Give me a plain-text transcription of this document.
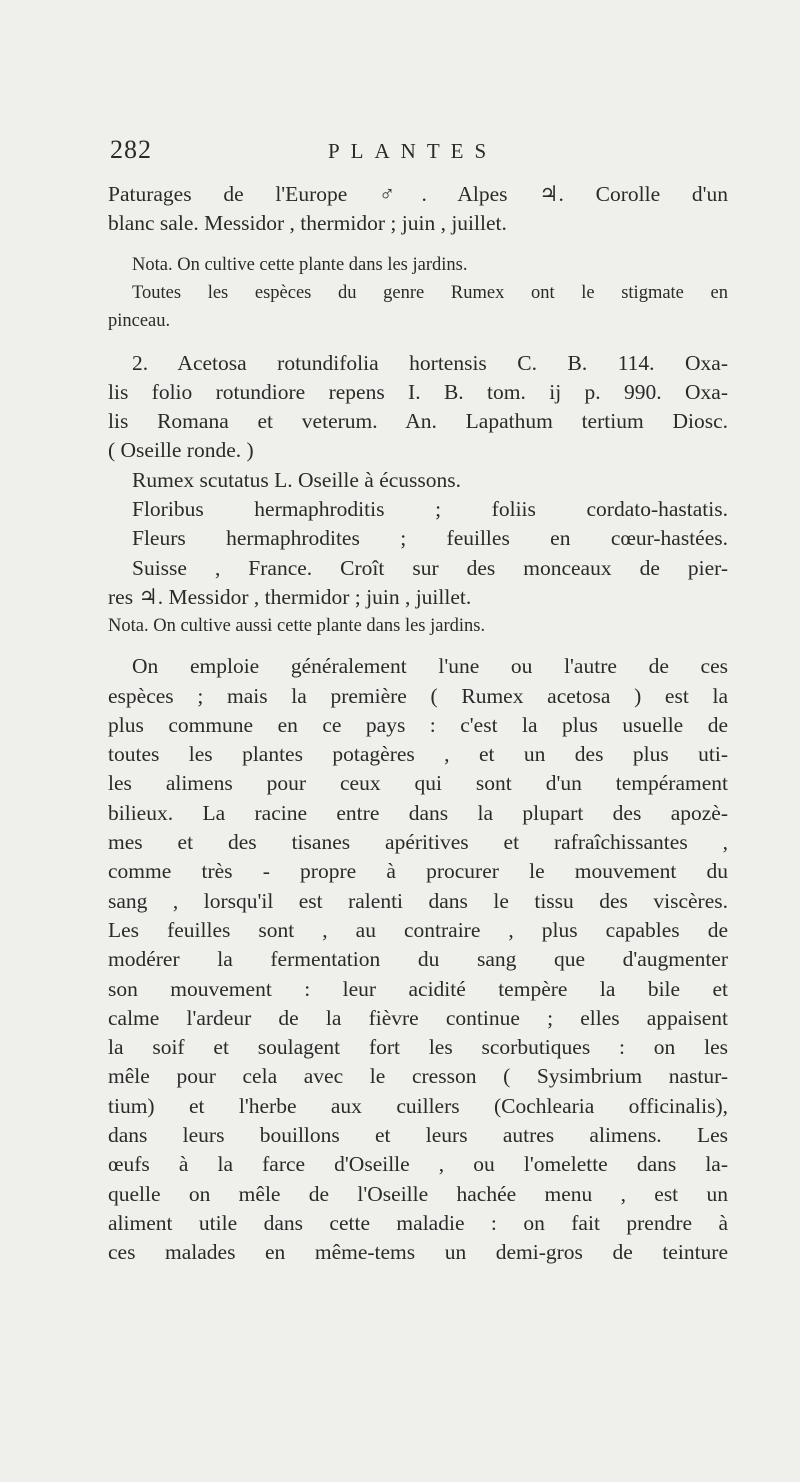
282	PLANTES
Paturages de l'Europe ♂. Alpes ♃. Corolle d'un
blanc sale. Messidor , thermidor ; juin , juillet.
Nota. On cultive cette plante dans les jardins.
Toutes les espèces du genre Rumex ont le stigmate en
pinceau.
2. Acetosa rotundifolia hortensis C. B. 114. Oxa-
lis folio rotundiore repens I. B. tom. ij p. 990. Oxa-
lis Romana et veterum. An. Lapathum tertium Diosc.
( Oseille ronde. )
Rumex scutatus L. Oseille à écussons.
Floribus hermaphroditis ; foliis cordato-hastatis.
Fleurs hermaphrodites ; feuilles en cœur-hastées.
Suisse , France. Croît sur des monceaux de pier-
res ♃. Messidor , thermidor ; juin , juillet.
Nota. On cultive aussi cette plante dans les jardins.
On emploie généralement l'une ou l'autre de ces
espèces ; mais la première ( Rumex acetosa ) est la
plus commune en ce pays : c'est la plus usuelle de
toutes les plantes potagères , et un des plus uti-
les alimens pour ceux qui sont d'un tempérament
bilieux. La racine entre dans la plupart des apozè-
mes et des tisanes apéritives et rafraîchissantes ,
comme très - propre à procurer le mouvement du
sang , lorsqu'il est ralenti dans le tissu des viscères.
Les feuilles sont , au contraire , plus capables de
modérer la fermentation du sang que d'augmenter
son mouvement : leur acidité tempère la bile et
calme l'ardeur de la fièvre continue ; elles appaisent
la soif et soulagent fort les scorbutiques : on les
mêle pour cela avec le cresson ( Sysimbrium nastur-
tium) et l'herbe aux cuillers (Cochlearia officinalis),
dans leurs bouillons et leurs autres alimens. Les
œufs à la farce d'Oseille , ou l'omelette dans la-
quelle on mêle de l'Oseille hachée menu , est un
aliment utile dans cette maladie : on fait prendre à
ces malades en même-tems un demi-gros de teinture
